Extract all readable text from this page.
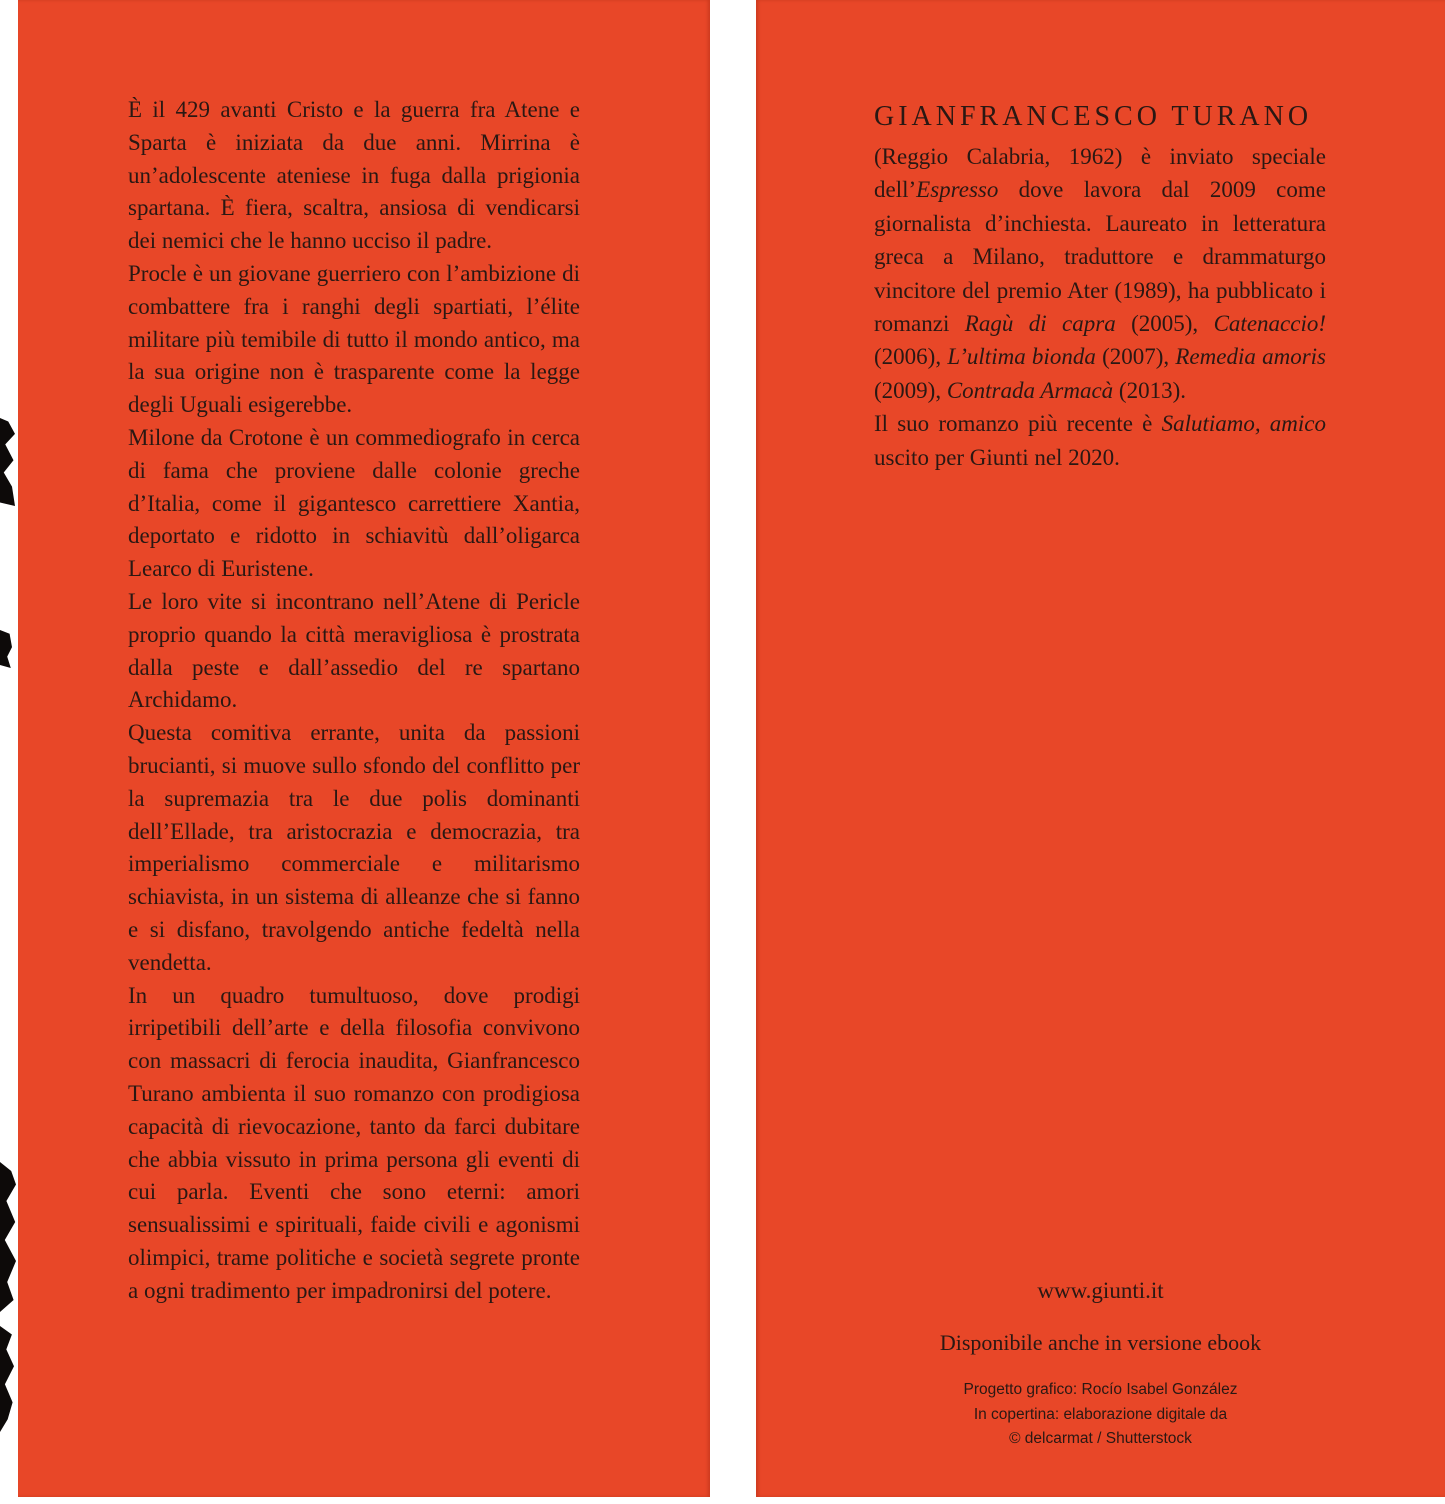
È il 429 avanti Cristo e la guerra fra Atene e Sparta è iniziata da due anni. Mirrina è un’adolescente ateniese in fuga dalla prigionia spartana. È fiera, scaltra, ansiosa di vendicarsi dei nemici che le hanno ucciso il padre.

Procle è un giovane guerriero con l’ambizione di combattere fra i ranghi degli spartiati, l’élite militare più temibile di tutto il mondo antico, ma la sua origine non è trasparente come la legge degli Uguali esigerebbe.

Milone da Crotone è un commediografo in cerca di fama che proviene dalle colonie greche d’Italia, come il gigantesco carrettiere Xantia, deportato e ridotto in schiavitù dall’oligarca Learco di Euristene.

Le loro vite si incontrano nell’Atene di Pericle proprio quando la città meravigliosa è prostrata dalla peste e dall’assedio del re spartano Archidamo.

Questa comitiva errante, unita da passioni brucianti, si muove sullo sfondo del conflitto per la supremazia tra le due polis dominanti dell’Ellade, tra aristocrazia e democrazia, tra imperialismo commerciale e militarismo schiavista, in un sistema di alleanze che si fanno e si disfano, travolgendo antiche fedeltà nella vendetta.

In un quadro tumultuoso, dove prodigi irripetibili dell’arte e della filosofia convivono con massacri di ferocia inaudita, Gianfrancesco Turano ambienta il suo romanzo con prodigiosa capacità di rievocazione, tanto da farci dubitare che abbia vissuto in prima persona gli eventi di cui parla. Eventi che sono eterni: amori sensualissimi e spirituali, faide civili e agonismi olimpici, trame politiche e società segrete pronte a ogni tradimento per impadronirsi del potere.

GIANFRANCESCO TURANO

(Reggio Calabria, 1962) è inviato speciale dell’Espresso dove lavora dal 2009 come giornalista d’inchiesta. Laureato in letteratura greca a Milano, traduttore e drammaturgo vincitore del premio Ater (1989), ha pubblicato i romanzi Ragù di capra (2005), Catenaccio! (2006), L’ultima bionda (2007), Remedia amoris (2009), Contrada Armacà (2013).

Il suo romanzo più recente è Salutiamo, amico uscito per Giunti nel 2020.

www.giunti.it
Disponibile anche in versione ebook
Progetto grafico: Rocío Isabel González
In copertina: elaborazione digitale da
© delcarmat / Shutterstock
